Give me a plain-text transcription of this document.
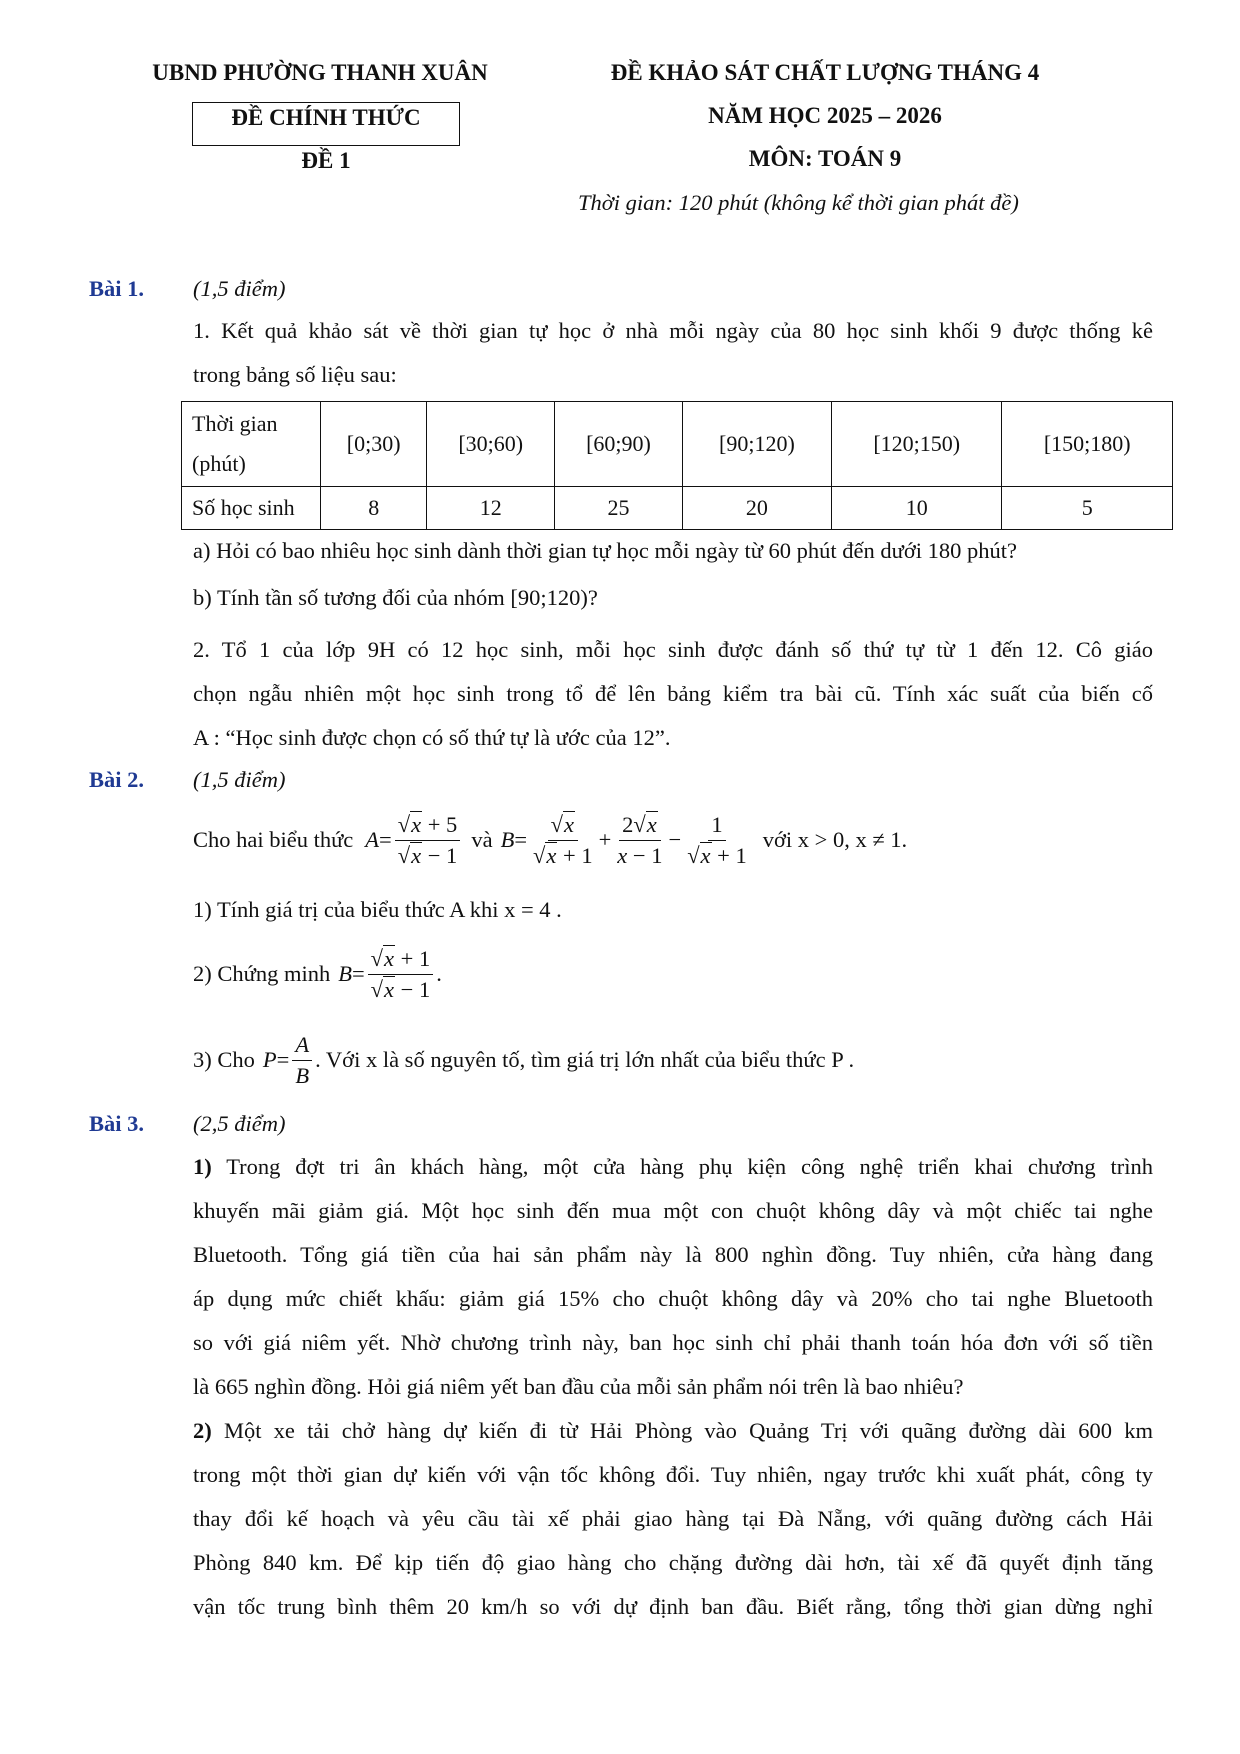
UBND PHƯỜNG THANH XUÂN
ĐỀ CHÍNH THỨC
ĐỀ 1
ĐỀ KHẢO SÁT CHẤT LƯỢNG THÁNG 4
NĂM HỌC 2025 – 2026
MÔN: TOÁN 9
Thời gian: 120 phút (không kể thời gian phát đề)
Bài 1. (1,5 điểm)
1. Kết quả khảo sát về thời gian tự học ở nhà mỗi ngày của 80 học sinh khối 9 được thống kê
trong bảng số liệu sau:
Thời gian
(phút)	[0;30)	[30;60)	[60;90)	[90;120)	[120;150)	[150;180)
Số học sinh	8	12	25	20	10	5
a) Hỏi có bao nhiêu học sinh dành thời gian tự học mỗi ngày từ 60 phút đến dưới 180 phút?
b) Tính tần số tương đối của nhóm [90;120)?
2. Tổ 1 của lớp 9H có 12 học sinh, mỗi học sinh được đánh số thứ tự từ 1 đến 12. Cô giáo
chọn ngẫu nhiên một học sinh trong tổ để lên bảng kiểm tra bài cũ. Tính xác suất của biến cố
A : “Học sinh được chọn có số thứ tự là ước của 12”.
Bài 2. (1,5 điểm)
Cho hai biểu thức $A = \frac{√x + 5}{√x - 1}$ và $B = \frac{√x}{√x + 1} + \frac{2√x}{x - 1} - \frac{1}{√x + 1}$ với x > 0, x ≠ 1.
1) Tính giá trị của biểu thức A khi x = 4 .
2) Chứng minh $B = \frac{√x + 1}{√x - 1}$ .
3) Cho $P = \frac{A}{B}$ . Với x là số nguyên tố, tìm giá trị lớn nhất của biểu thức P .
Bài 3. (2,5 điểm)
1) Trong đợt tri ân khách hàng, một cửa hàng phụ kiện công nghệ triển khai chương trình
khuyến mãi giảm giá. Một học sinh đến mua một con chuột không dây và một chiếc tai nghe
Bluetooth. Tổng giá tiền của hai sản phẩm này là 800 nghìn đồng. Tuy nhiên, cửa hàng đang
áp dụng mức chiết khấu: giảm giá 15% cho chuột không dây và 20% cho tai nghe Bluetooth
so với giá niêm yết. Nhờ chương trình này, ban học sinh chỉ phải thanh toán hóa đơn với số tiền
là 665 nghìn đồng. Hỏi giá niêm yết ban đầu của mỗi sản phẩm nói trên là bao nhiêu?
2) Một xe tải chở hàng dự kiến đi từ Hải Phòng vào Quảng Trị với quãng đường dài 600 km
trong một thời gian dự kiến với vận tốc không đổi. Tuy nhiên, ngay trước khi xuất phát, công ty
thay đổi kế hoạch và yêu cầu tài xế phải giao hàng tại Đà Nẵng, với quãng đường cách Hải
Phòng 840 km. Để kịp tiến độ giao hàng cho chặng đường dài hơn, tài xế đã quyết định tăng
vận tốc trung bình thêm 20 km/h so với dự định ban đầu. Biết rằng, tổng thời gian dừng nghỉ
